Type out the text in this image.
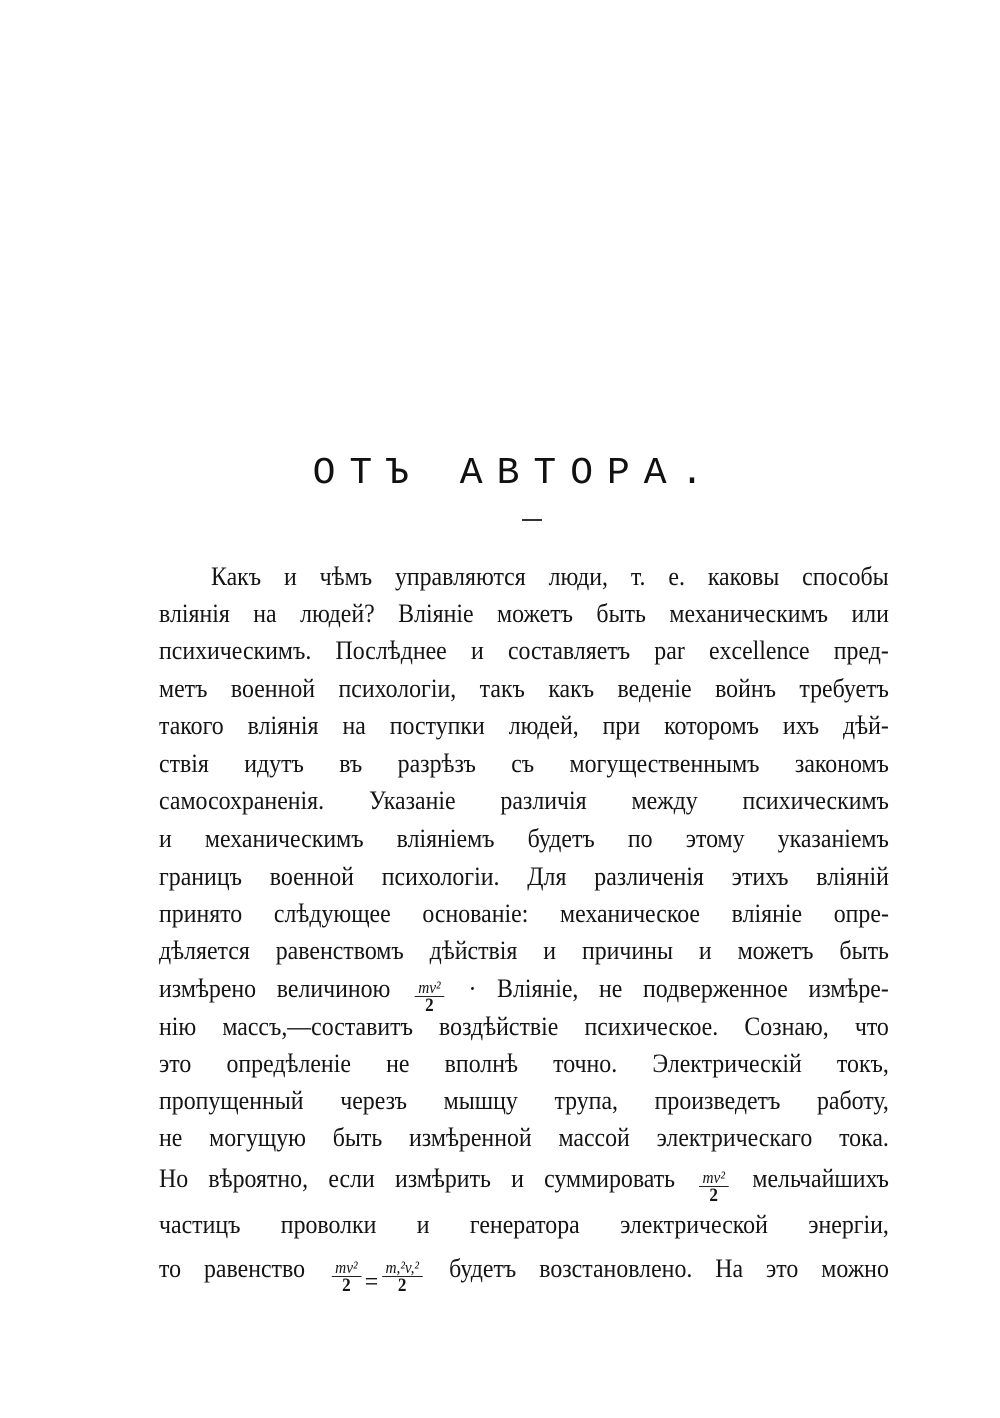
ОТЪ АВТОРА.
Какъ и чѣмъ управляются люди, т. е. каковы способы
влiянiя на людей? Влiянiе можетъ быть механическимъ или
психическимъ. Послѣднее и составляетъ par excellence пред-
метъ военной психологiи, такъ какъ веденiе войнъ требуетъ
такого влiянiя на поступки людей, при которомъ ихъ дѣй-
ствiя идутъ въ разрѣзъ съ могущественнымъ закономъ
самосохраненiя. Указанiе различiя между психическимъ
и механическимъ влiянiемъ будетъ по этому указанiемъ
границъ военной психологiи. Для различенiя этихъ влiянiй
принято слѣдующее основанiе: механическое влiянiе опре-
дѣляется равенствомъ дѣйствiя и причины и можетъ быть
измѣрено величиною $\frac{\text{mv²}}{2}$ · Влiянiе, не подверженное измѣре-
нiю массъ,—составитъ воздѣйствiе психическое. Сознаю, что
это опредѣленiе не вполнѣ точно. Электрическiй токъ,
пропущенный черезъ мышцу трупа, произведетъ работу,
не могущую быть измѣренной массой электрическаго тока.
Но вѣроятно, если измѣрить и суммировать $\frac{\text{mv²}}{2}$ мельчайшихъ
частицъ проволки и генератора электрической энергiи,
то равенство $\frac{\text{mv²}}{2} = \frac{\text{m,²v,²}}{2}$ будетъ возстановлено. На это можно
